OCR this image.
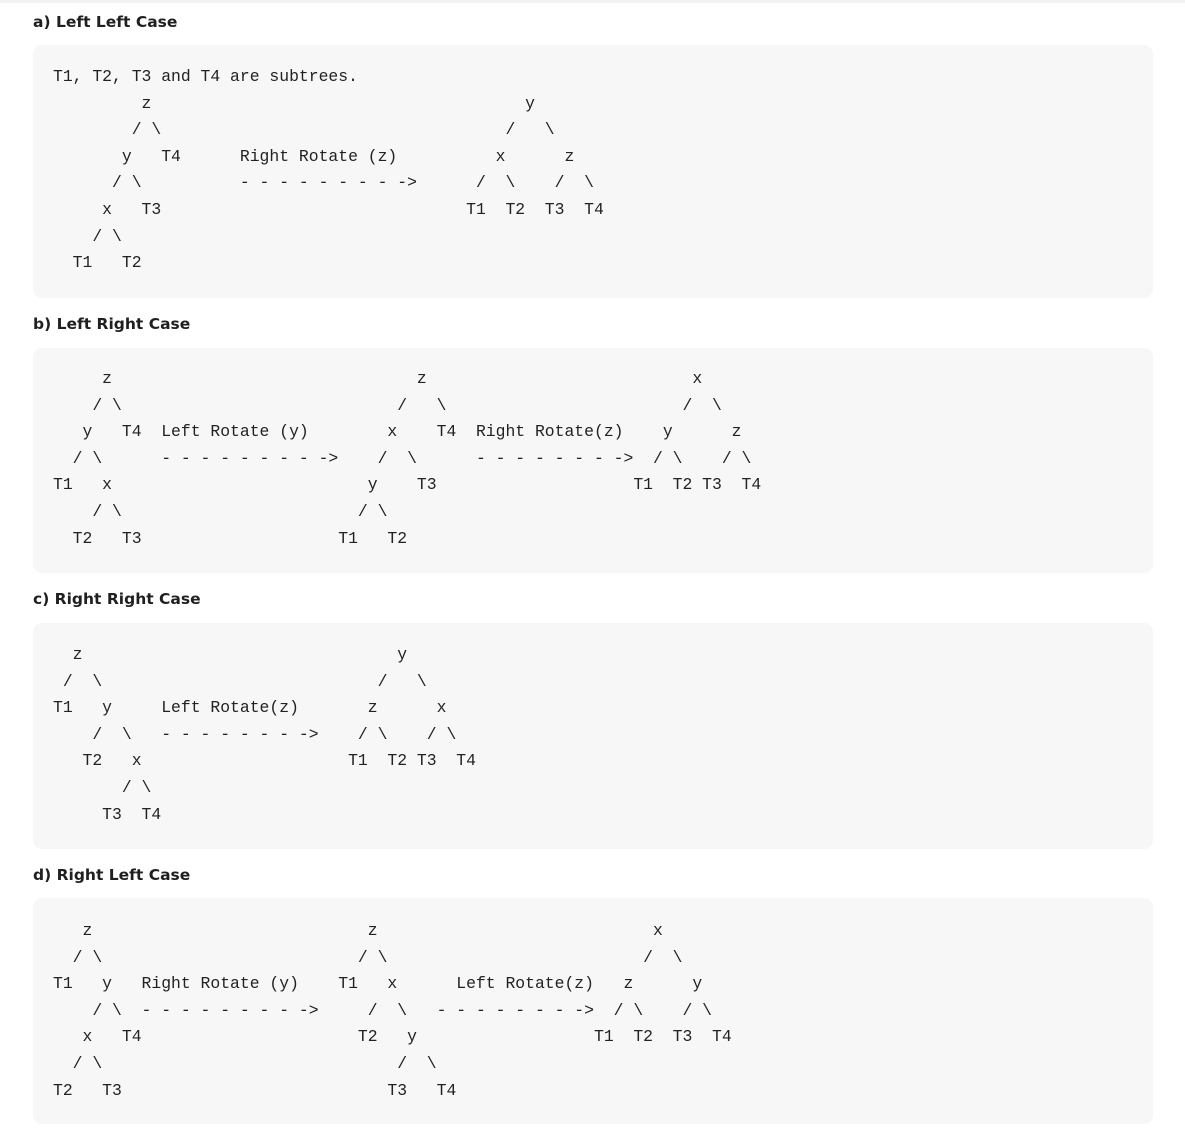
a) Left Left Case
T1, T2, T3 and T4 are subtrees.
z                                      y
/ \                                   /   \
y   T4      Right Rotate (z)          x      z
/ \          - - - - - - - - ->      /  \    /  \
x   T3                               T1  T2  T3  T4
/ \
T1   T2
b) Left Right Case
z                               z                           x
/ \                            /   \                        /  \
y   T4  Left Rotate (y)        x    T4  Right Rotate(z)    y      z
/ \      - - - - - - - - ->    /  \      - - - - - - - ->  / \    / \
T1   x                          y    T3                    T1  T2 T3  T4
/ \                        / \
T2   T3                    T1   T2
c) Right Right Case
z                                y
/  \                            /   \
T1   y     Left Rotate(z)       z      x
/  \   - - - - - - - ->    / \    / \
T2   x                     T1  T2 T3  T4
/ \
T3  T4
d) Right Left Case
z                            z                            x
/ \                          / \                          /  \
T1   y   Right Rotate (y)    T1   x      Left Rotate(z)   z      y
/ \  - - - - - - - - ->     /  \   - - - - - - - ->  / \    / \
x   T4                      T2   y                  T1  T2  T3  T4
/ \                              /  \
T2   T3                           T3   T4
